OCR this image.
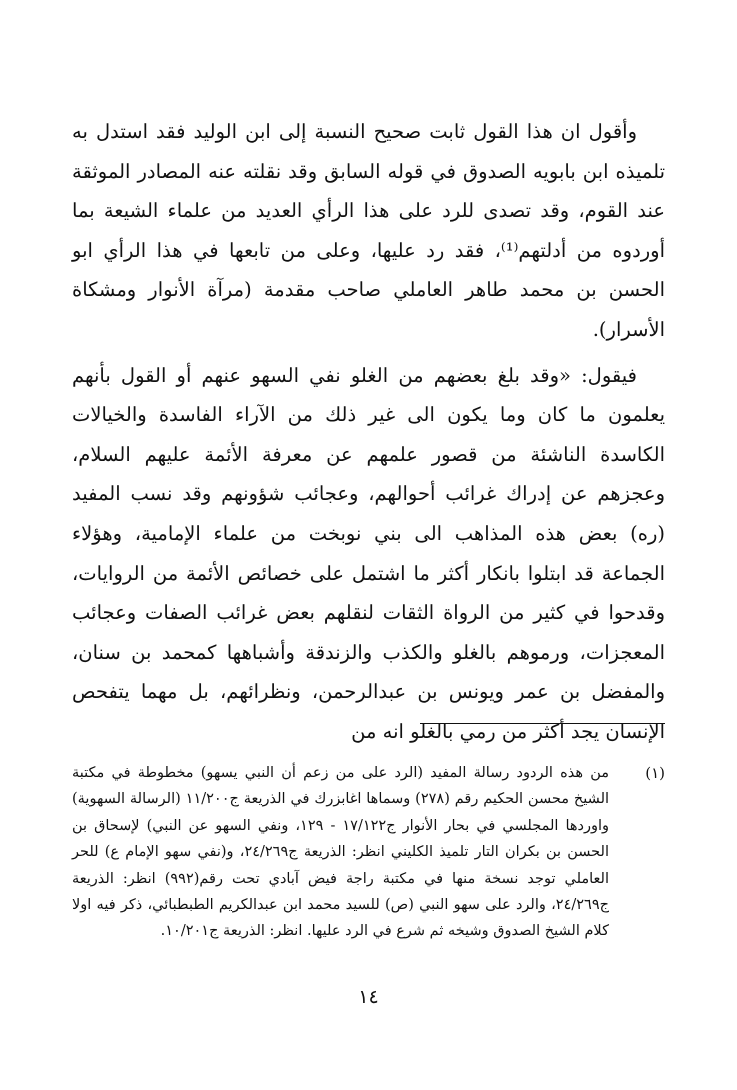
وأقول ان هذا القول ثابت صحيح النسبة إلى ابن الوليد فقد استدل به تلميذه ابن بابويه الصدوق في قوله السابق وقد نقلته عنه المصادر الموثقة عند القوم، وقد تصدى للرد على هذا الرأي العديد من علماء الشيعة بما أوردوه من أدلتهم⁽¹⁾، فقد رد عليها، وعلى من تابعها في هذا الرأي ابو الحسن بن محمد طاهر العاملي صاحب مقدمة (مرآة الأنوار ومشكاة الأسرار).

فيقول: «وقد بلغ بعضهم من الغلو نفي السهو عنهم أو القول بأنهم يعلمون ما كان وما يكون الى غير ذلك من الآراء الفاسدة والخيالات الكاسدة الناشئة من قصور علمهم عن معرفة الأئمة عليهم السلام، وعجزهم عن إدراك غرائب أحوالهم، وعجائب شؤونهم وقد نسب المفيد (ره) بعض هذه المذاهب الى بني نوبخت من علماء الإمامية، وهؤلاء الجماعة قد ابتلوا بانكار أكثر ما اشتمل على خصائص الأئمة من الروايات، وقدحوا في كثير من الرواة الثقات لنقلهم بعض غرائب الصفات وعجائب المعجزات، ورموهم بالغلو والكذب والزندقة وأشباهها كمحمد بن سنان، والمفضل بن عمر ويونس بن عبدالرحمن، ونظرائهم، بل مهما يتفحص الإنسان يجد أكثر من رمي بالغلو انه من

(١)

من هذه الردود رسالة المفيد (الرد على من زعم أن النبي يسهو) مخطوطة في مكتبة الشيخ محسن الحكيم رقم (٢٧٨) وسماها اغابزرك في الذريعة ج١١/٢٠٠ (الرسالة السهوية) واوردها المجلسي في بحار الأنوار ج١٧/١٢٢ - ١٢٩، ونفي السهو عن النبي) لإسحاق بن الحسن بن بكران التار تلميذ الكليني انظر: الذريعة ج٢٤/٢٦٩، و(نفي سهو الإمام ع) للحر العاملي توجد نسخة منها في مكتبة راجة فيض آبادي تحت رقم(٩٩٢) انظر: الذريعة ج٢٤/٢٦٩، والرد على سهو النبي (ص) للسيد محمد ابن عبدالكريم الطبطبائي، ذكر فيه اولا كلام الشيخ الصدوق وشيخه ثم شرع في الرد عليها. انظر: الذريعة ج١٠/٢٠١.

١٤
